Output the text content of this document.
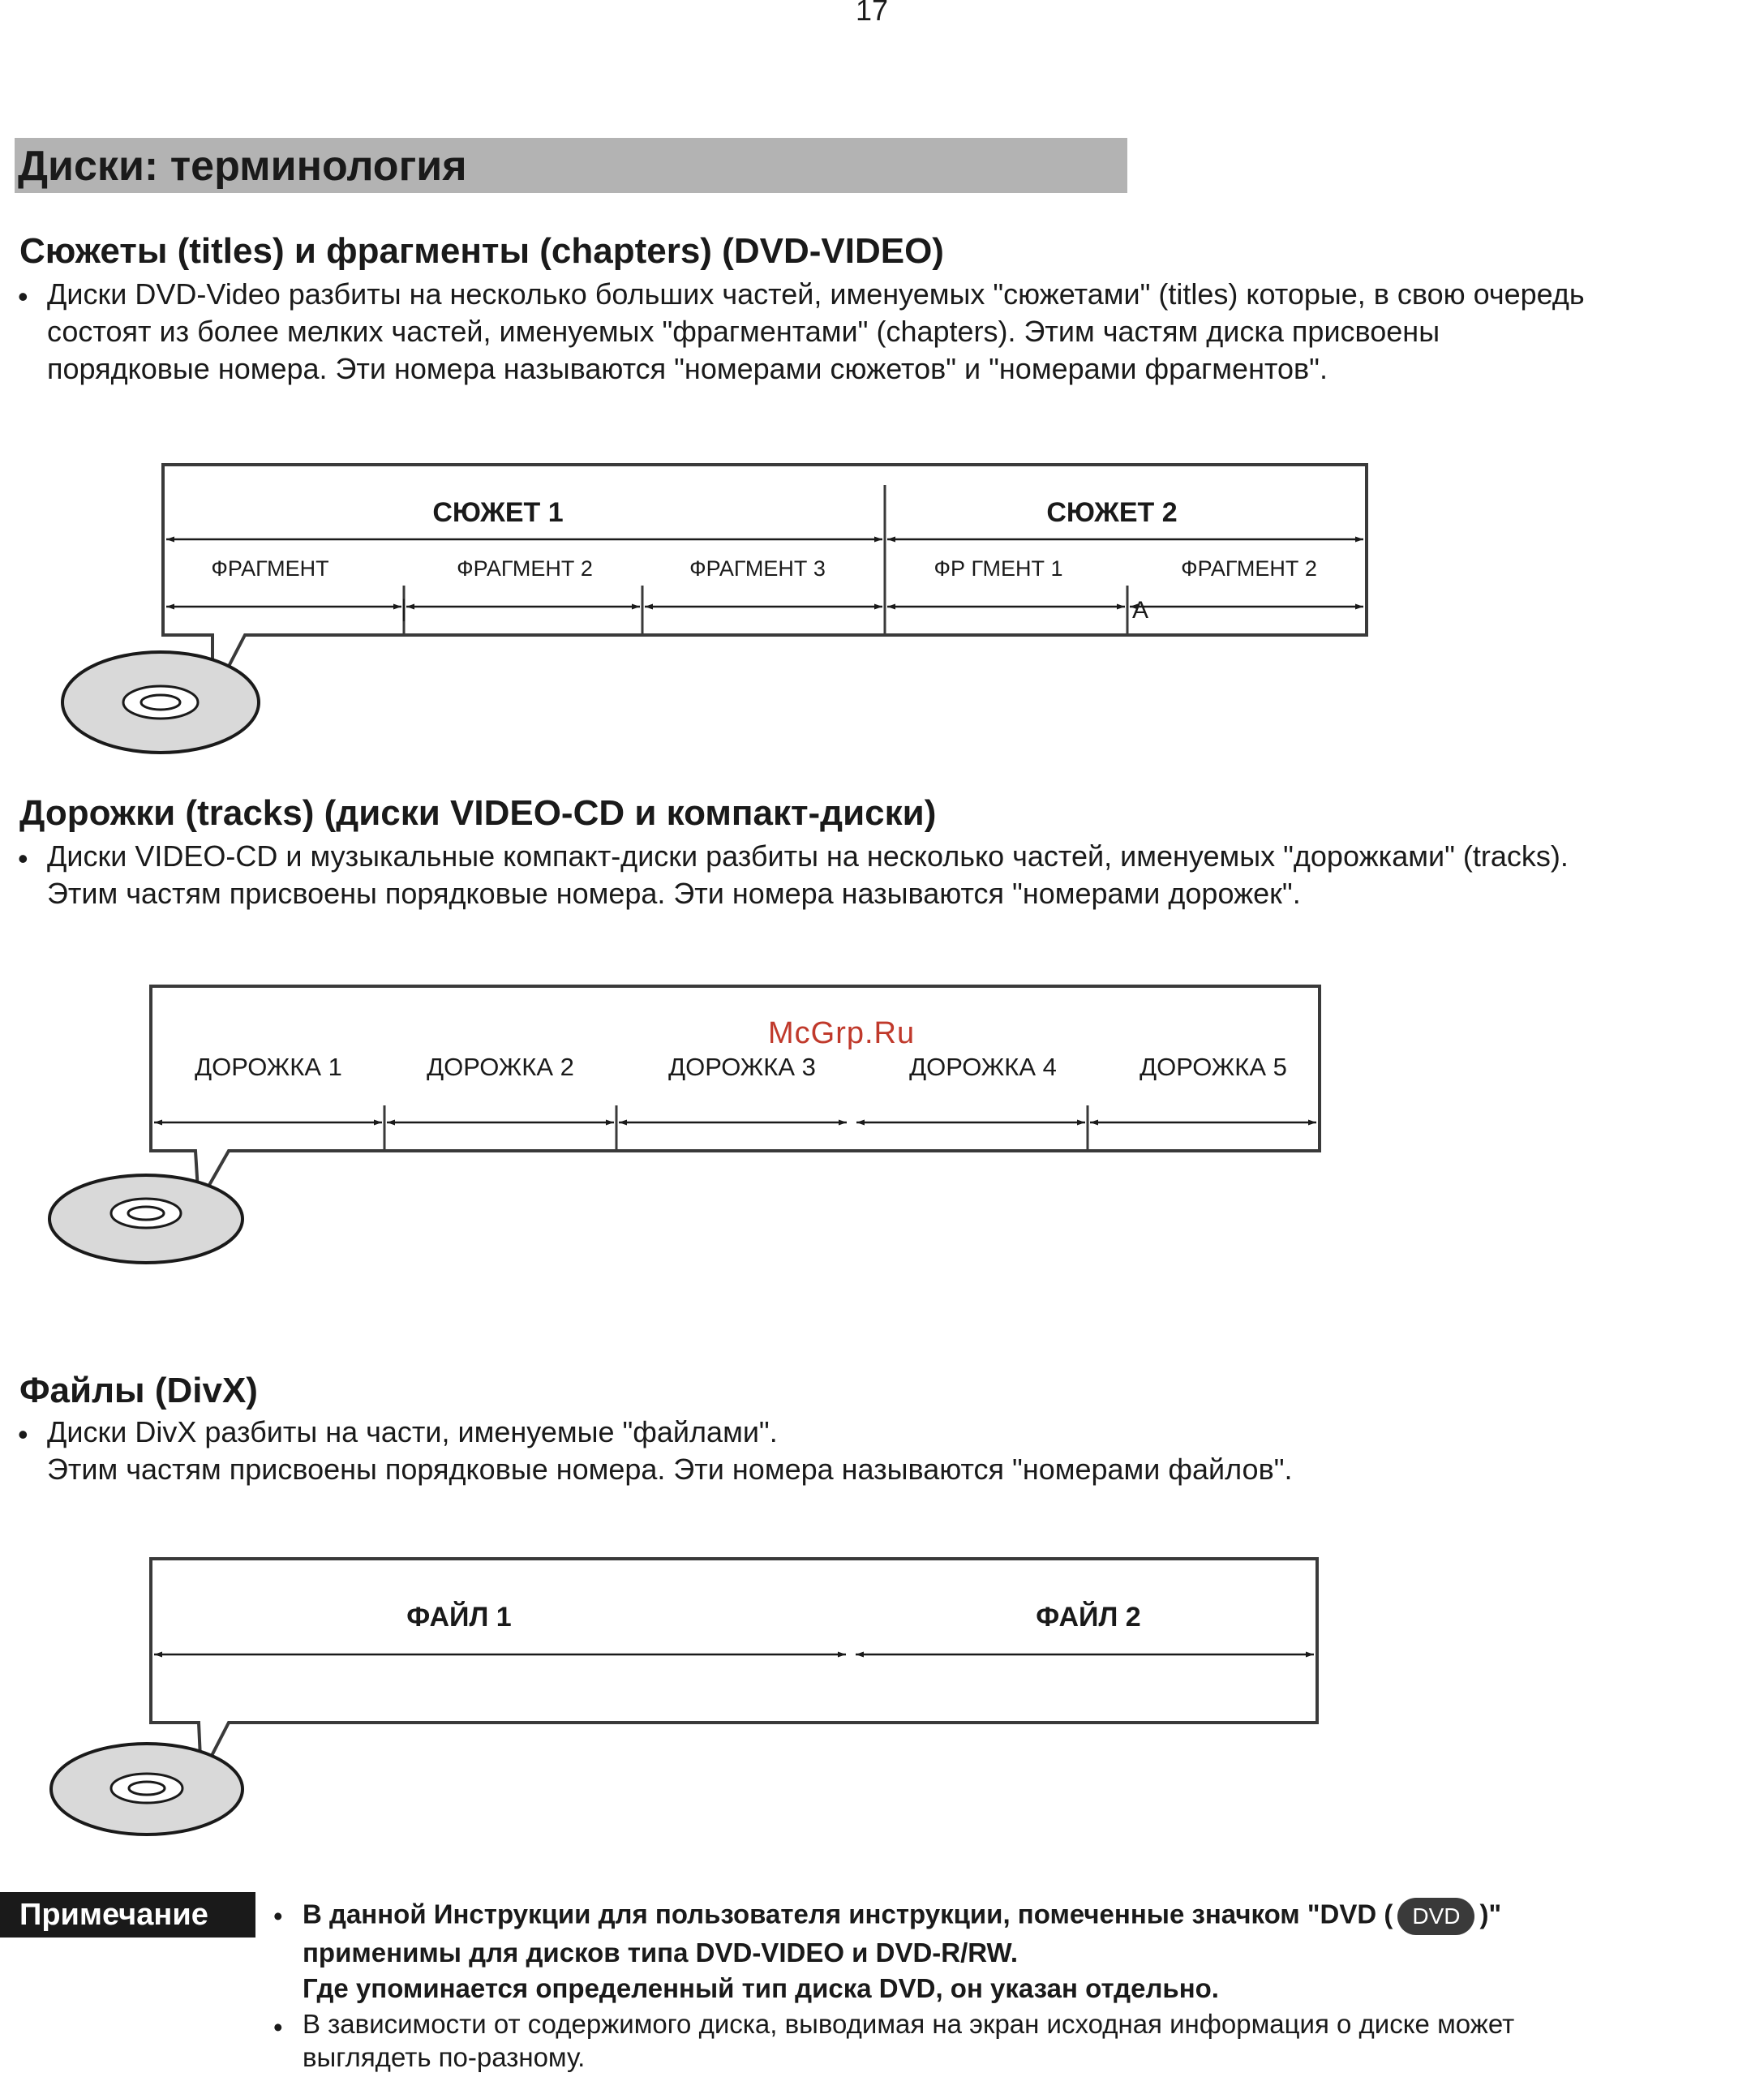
17
Диски: терминология
Сюжеты (titles) и фрагменты (chapters) (DVD-VIDEO)
• Диски DVD-Video разбиты на несколько больших частей, именуемых "сюжетами" (titles) которые, в свою очередь
состоят из более мелких частей, именуемых "фрагментами" (chapters). Этим частям диска присвоены
порядковые номера. Эти номера называются "номерами сюжетов" и "номерами фрагментов".
СЮЖЕТ 1	СЮЖЕТ 2
ФРАГМЕНТ	ФРАГМЕНТ 2	ФРАГМЕНТ 3	ФР ГМЕНТ 1	ФРАГМЕНТ 2
|	A
ДОРОЖКА 1	ДОРОЖКА 2	ДОРОЖКА 3	ДОРОЖКА 4	ДОРОЖКА 5
ФАЙЛ 1	ФАЙЛ 2
McGrp.Ru
Дорожки (tracks) (диски VIDEO-CD и компакт-диски)
• Диски VIDEO-CD и музыкальные компакт-диски разбиты на несколько частей, именуемых "дорожками" (tracks).
Этим частям присвоены порядковые номера. Эти номера называются "номерами дорожек".
Файлы (DivX)
• Диски DivX разбиты на части, именуемые "файлами".
Этим частям присвоены порядковые номера. Эти номера называются "номерами файлов".
Примечание	• В данной Инструкции для пользователя инструкции, помеченные значком "DVD ( DVD )"
применимы для дисков типа DVD-VIDEO и DVD-R/RW.
Где упоминается определенный тип диска DVD, он указан отдельно.
• В зависимости от содержимого диска, выводимая на экран исходная информация о диске может
выглядеть по-разному.
